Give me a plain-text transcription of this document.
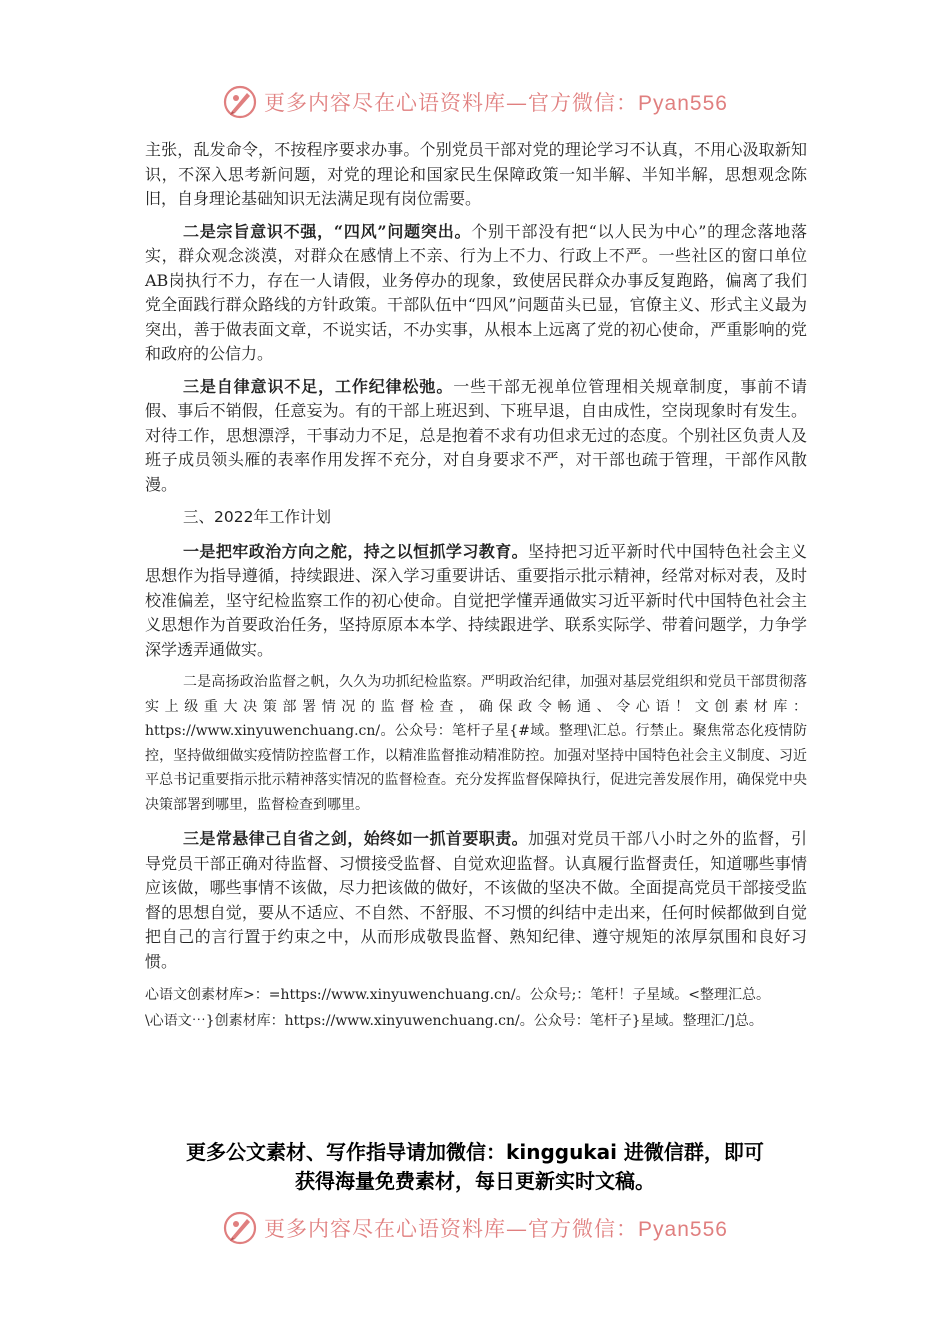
更多内容尽在心语资料库—官方微信：Pyan556

主张，乱发命令，不按程序要求办事。个别党员干部对党的理论学习不认真，不用心汲取新知识，不深入思考新问题，对党的理论和国家民生保障政策一知半解、半知半解，思想观念陈旧，自身理论基础知识无法满足现有岗位需要。

二是宗旨意识不强，“四风”问题突出。个别干部没有把“以人民为中心”的理念落地落实，群众观念淡漠，对群众在感情上不亲、行为上不力、行政上不严。一些社区的窗口单位AB岗执行不力，存在一人请假，业务停办的现象，致使居民群众办事反复跑路，偏离了我们党全面践行群众路线的方针政策。干部队伍中“四风”问题苗头已显，官僚主义、形式主义最为突出，善于做表面文章，不说实话，不办实事，从根本上远离了党的初心使命，严重影响的党和政府的公信力。

三是自律意识不足，工作纪律松弛。一些干部无视单位管理相关规章制度，事前不请假、事后不销假，任意妄为。有的干部上班迟到、下班早退，自由成性，空岗现象时有发生。对待工作，思想漂浮，干事动力不足，总是抱着不求有功但求无过的态度。个别社区负责人及班子成员领头雁的表率作用发挥不充分，对自身要求不严，对干部也疏于管理，干部作风散漫。

三、2022年工作计划

一是把牢政治方向之舵，持之以恒抓学习教育。坚持把习近平新时代中国特色社会主义思想作为指导遵循，持续跟进、深入学习重要讲话、重要指示批示精神，经常对标对表，及时校准偏差，坚守纪检监察工作的初心使命。自觉把学懂弄通做实习近平新时代中国特色社会主义思想作为首要政治任务，坚持原原本本学、持续跟进学、联系实际学、带着问题学，力争学深学透弄通做实。

二是高扬政治监督之帆，久久为功抓纪检监察。严明政治纪律，加强对基层党组织和党员干部贯彻落实上级重大决策部署情况的监督检查，确保政令畅通、令心语！文创素材库：https://www.xinyuwenchuang.cn/。公众号：笔杆子星{#域。整理\汇总。行禁止。聚焦常态化疫情防控，坚持做细做实疫情防控监督工作，以精准监督推动精准防控。加强对坚持中国特色社会主义制度、习近平总书记重要指示批示精神落实情况的监督检查。充分发挥监督保障执行，促进完善发展作用，确保党中央决策部署到哪里，监督检查到哪里。

三是常悬律己自省之剑，始终如一抓首要职责。加强对党员干部八小时之外的监督，引导党员干部正确对待监督、习惯接受监督、自觉欢迎监督。认真履行监督责任，知道哪些事情应该做，哪些事情不该做，尽力把该做的做好，不该做的坚决不做。全面提高党员干部接受监督的思想自觉，要从不适应、不自然、不舒服、不习惯的纠结中走出来，任何时候都做到自觉把自己的言行置于约束之中，从而形成敬畏监督、熟知纪律、遵守规矩的浓厚氛围和良好习惯。

心语文创素材库>：=https://www.xinyuwenchuang.cn/。公众号;：笔杆！子星域。<整理汇总。

\心语文⋯}创素材库：https://www.xinyuwenchuang.cn/。公众号：笔杆子}星域。整理汇/]总。

更多公文素材、写作指导请加微信：kinggukai 进微信群，即可
获得海量免费素材，每日更新实时文稿。
更多内容尽在心语资料库—官方微信：Pyan556
